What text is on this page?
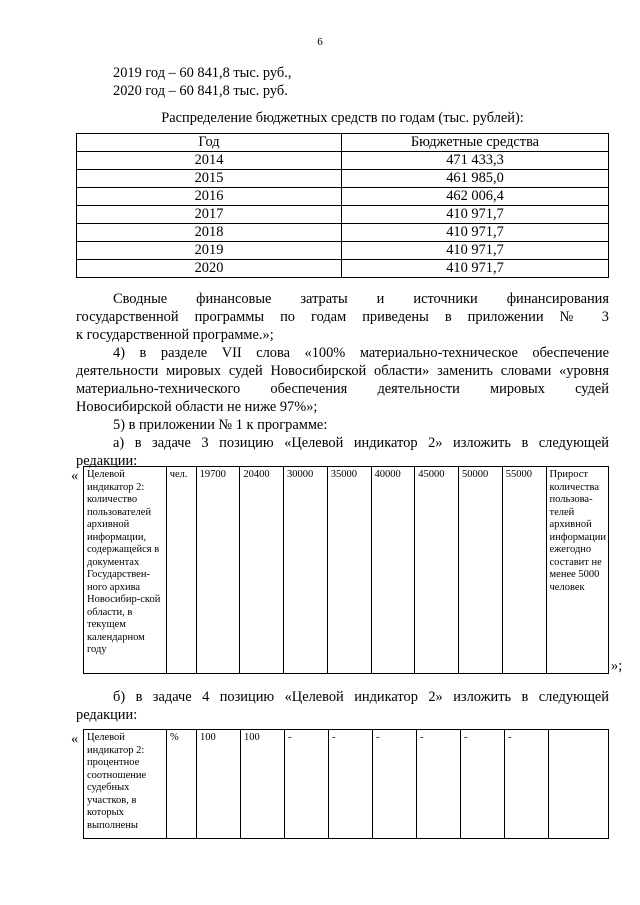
6
2019 год – 60 841,8 тыс. руб.,
2020 год – 60 841,8 тыс. руб.
Распределение бюджетных средств по годам (тыс. рублей):
Год	Бюджетные средства
2014	471 433,3
2015	461 985,0
2016	462 006,4
2017	410 971,7
2018	410 971,7
2019	410 971,7
2020	410 971,7
Сводные финансовые затраты и источники финансирования
государственной программы по годам приведены в приложении № 3
к государственной программе.»;
4) в разделе VII слова «100% материально-техническое обеспечение
деятельности мировых судей Новосибирской области» заменить словами «уровня
материально-технического обеспечения деятельности мировых судей
Новосибирской области не ниже 97%»;
5) в приложении № 1 к программе:
а) в задаче 3 позицию «Целевой индикатор 2» изложить в следующей
редакции:
« Целевой индикатор 2: количество пользователей архивной информации, содержащейся в документах Государствен-ного архива Новосибир-ской области, в текущем календарном году	чел.	19700	20400	30000	35000	40000	45000	50000	55000	Прирост количества пользова-телей архивной информации ежегодно составит не менее 5000 человек
»;
б) в задаче 4 позицию «Целевой индикатор 2» изложить в следующей
редакции:
« Целевой индикатор 2: процентное соотношение судебных участков, в которых выполнены	%	100	100	-	-	-	-	-	-	
